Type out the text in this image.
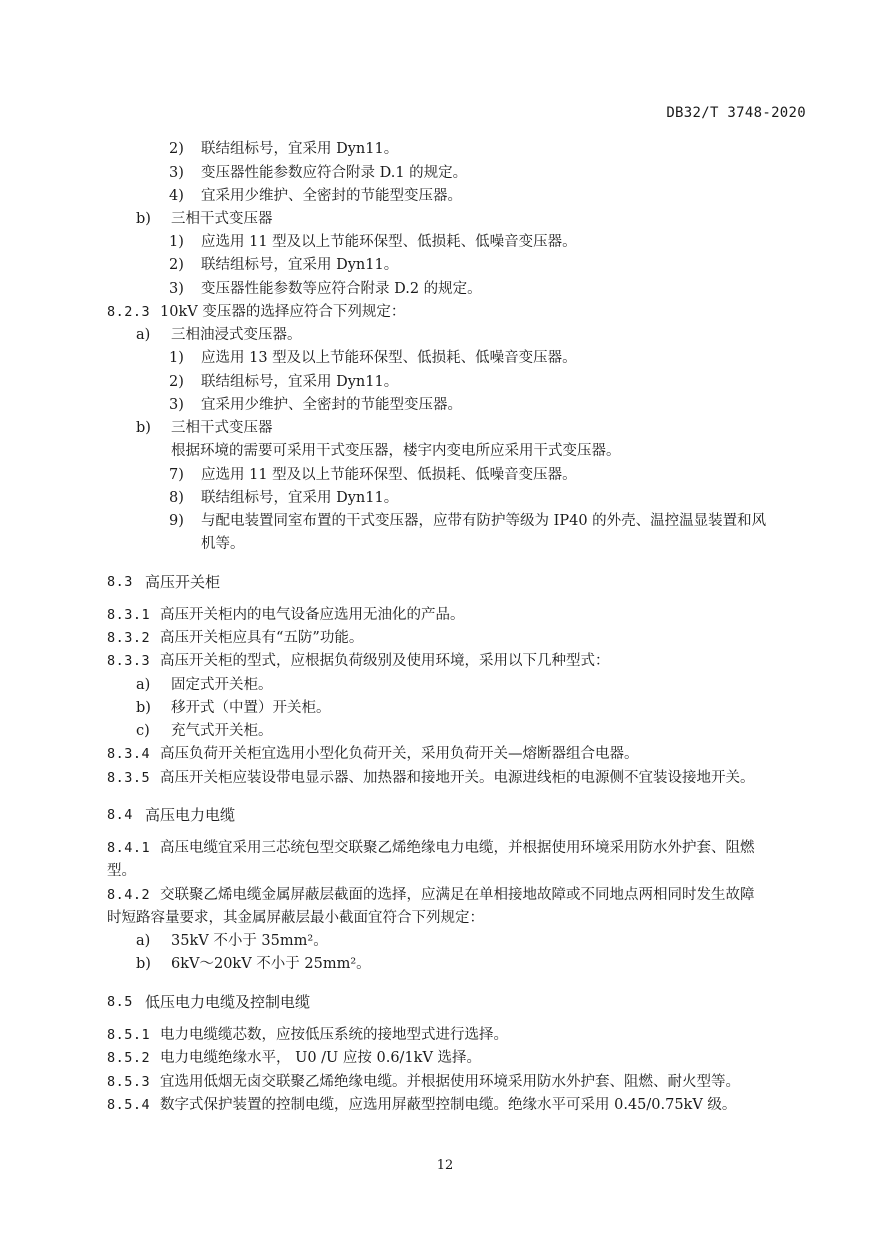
DB32/T 3748-2020
2) 联结组标号，宜采用 Dyn11。
3) 变压器性能参数应符合附录 D.1 的规定。
4) 宜采用少维护、全密封的节能型变压器。
b) 三相干式变压器
1) 应选用 11 型及以上节能环保型、低损耗、低噪音变压器。
2) 联结组标号，宜采用 Dyn11。
3) 变压器性能参数等应符合附录 D.2 的规定。
8.2.3 10kV 变压器的选择应符合下列规定：
a) 三相油浸式变压器。
1) 应选用 13 型及以上节能环保型、低损耗、低噪音变压器。
2) 联结组标号，宜采用 Dyn11。
3) 宜采用少维护、全密封的节能型变压器。
b) 三相干式变压器
根据环境的需要可采用干式变压器，楼宇内变电所应采用干式变压器。
7) 应选用 11 型及以上节能环保型、低损耗、低噪音变压器。
8) 联结组标号，宜采用 Dyn11。
9) 与配电装置同室布置的干式变压器，应带有防护等级为 IP40 的外壳、温控温显装置和风
机等。
8.3 高压开关柜
8.3.1 高压开关柜内的电气设备应选用无油化的产品。
8.3.2 高压开关柜应具有“五防”功能。
8.3.3 高压开关柜的型式，应根据负荷级别及使用环境，采用以下几种型式：
a) 固定式开关柜。
b) 移开式（中置）开关柜。
c) 充气式开关柜。
8.3.4 高压负荷开关柜宜选用小型化负荷开关，采用负荷开关—熔断器组合电器。
8.3.5 高压开关柜应装设带电显示器、加热器和接地开关。电源进线柜的电源侧不宜装设接地开关。
8.4 高压电力电缆
8.4.1 高压电缆宜采用三芯统包型交联聚乙烯绝缘电力电缆，并根据使用环境采用防水外护套、阻燃
型。
8.4.2 交联聚乙烯电缆金属屏蔽层截面的选择，应满足在单相接地故障或不同地点两相同时发生故障
时短路容量要求，其金属屏蔽层最小截面宜符合下列规定：
a) 35kV 不小于 35mm²。
b) 6kV～20kV 不小于 25mm²。
8.5 低压电力电缆及控制电缆
8.5.1 电力电缆缆芯数，应按低压系统的接地型式进行选择。
8.5.2 电力电缆绝缘水平， U0 /U 应按 0.6/1kV 选择。
8.5.3 宜选用低烟无卤交联聚乙烯绝缘电缆。并根据使用环境采用防水外护套、阻燃、耐火型等。
8.5.4 数字式保护装置的控制电缆，应选用屏蔽型控制电缆。绝缘水平可采用 0.45/0.75kV 级。
12
